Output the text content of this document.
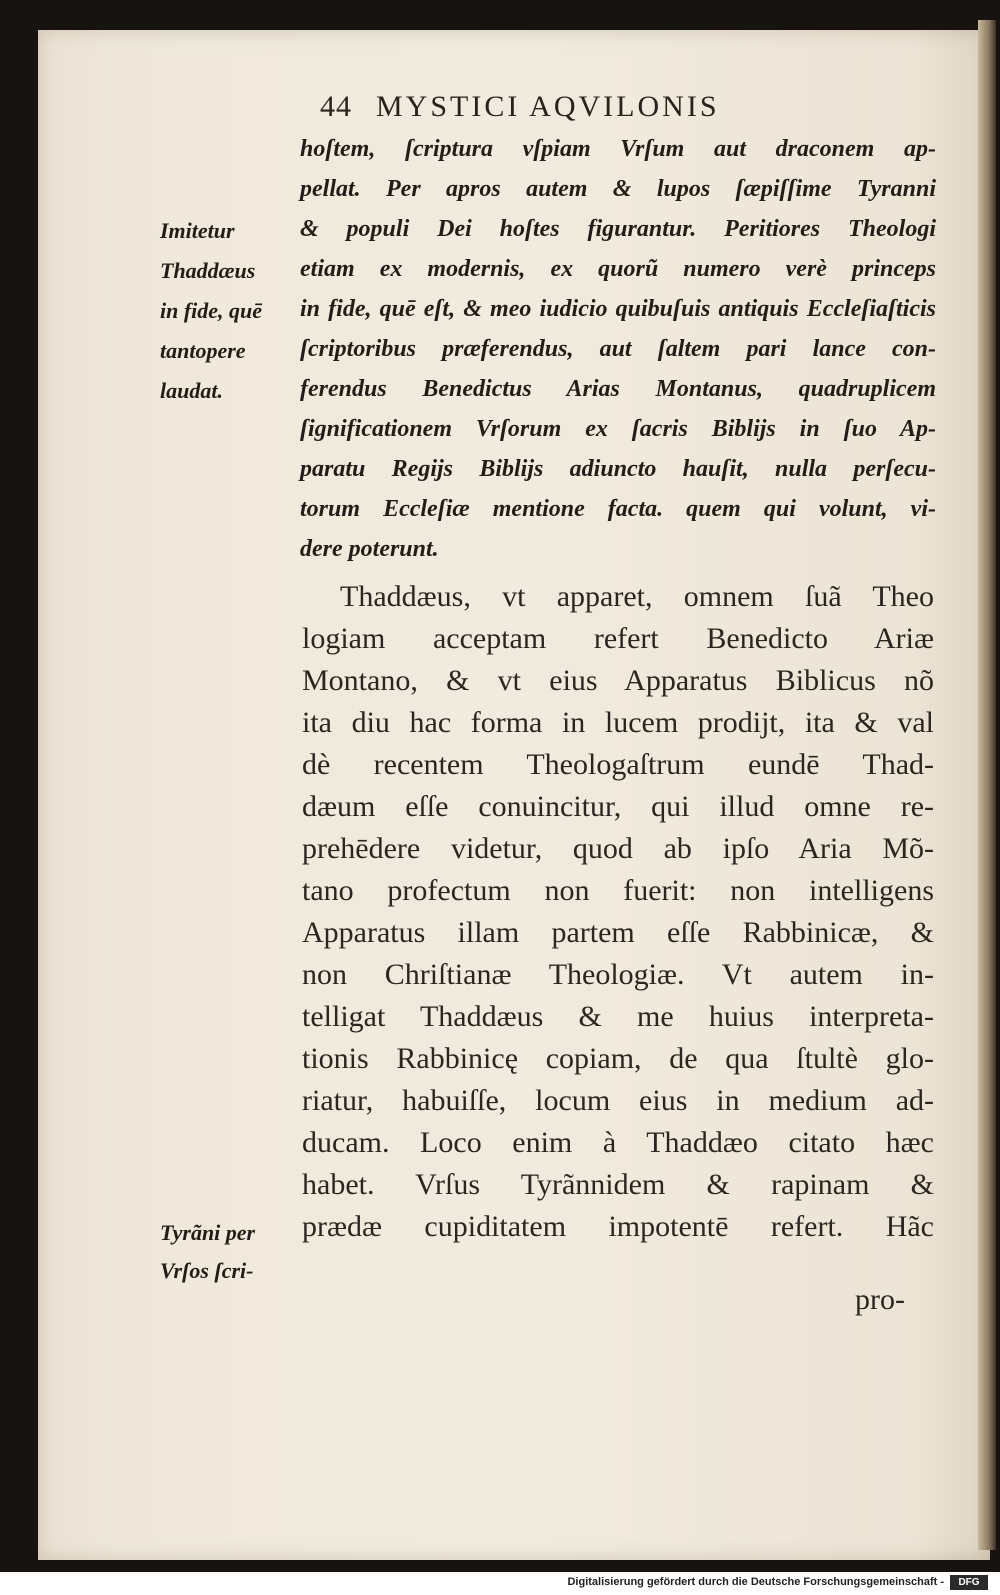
44 MYSTICI AQVILONIS
hoſtem, ſcriptura vſpiam Vrſum aut draconem ap-
pellat. Per apros autem & lupos ſæpiſſime Tyranni
& populi Dei hoſtes figurantur. Peritiores Theologi
etiam ex modernis, ex quorũ numero verè princeps
in fide, quē eſt, & meo iudicio quibuſuis antiquis Eccleſiaſticis
ſcriptoribus præferendus, aut ſaltem pari lance con-
ferendus Benedictus Arias Montanus, quadruplicem
ſignificationem Vrſorum ex ſacris Biblijs in ſuo Ap-
paratu Regijs Biblijs adiuncto hauſit, nulla perſecu-
torum Eccleſiæ mentione facta. quem qui volunt, vi-
dere poterunt.
Imitetur
Thaddæus
in fide, quē
tantopere
laudat.
Thaddæus, vt apparet, omnem ſuã Theo
logiam acceptam refert Benedicto Ariæ
Montano, & vt eius Apparatus Biblicus nõ
ita diu hac forma in lucem prodijt, ita & val
dè recentem Theologaſtrum eundē Thad-
dæum eſſe conuincitur, qui illud omne re-
prehēdere videtur, quod ab ipſo Aria Mõ-
tano profectum non fuerit: non intelligens
Apparatus illam partem eſſe Rabbinicæ, &
non Chriſtianæ Theologiæ. Vt autem in-
telligat Thaddæus & me huius interpreta-
tionis Rabbinicę copiam, de qua ſtultè glo-
riatur, habuiſſe, locum eius in medium ad-
ducam. Loco enim à Thaddæo citato hæc
habet. Vrſus Tyrãnnidem & rapinam &
prædæ cupiditatem impotentē refert. Hãc
Tyrãni per
Vrſos ſcri-
pro-
Digitalisierung gefördert durch die Deutsche Forschungsgemeinschaft -	DFG
